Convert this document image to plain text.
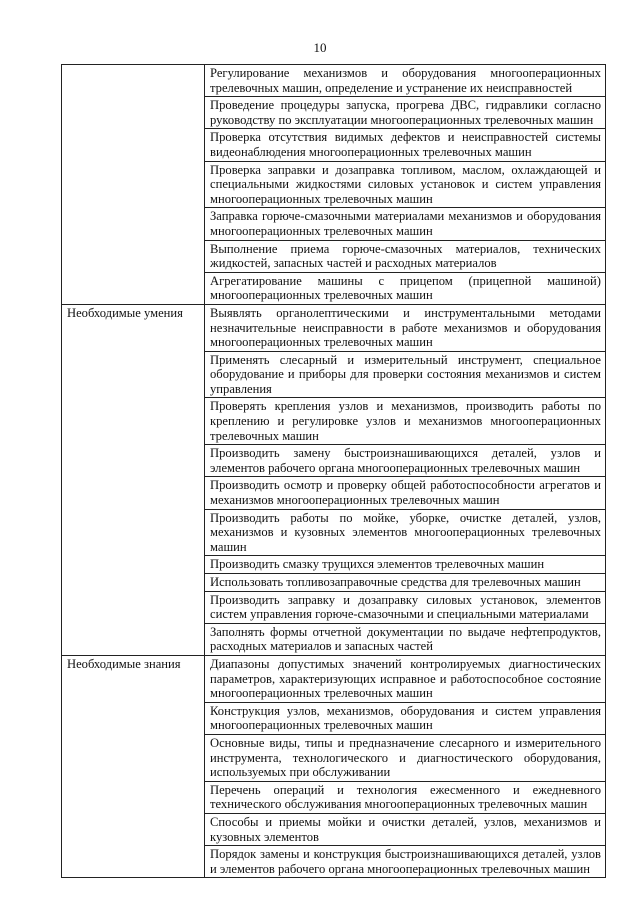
10
	Регулирование механизмов и оборудования многооперационных трелевочных машин, определение и устранение их неисправностей
	Проведение процедуры запуска, прогрева ДВС, гидравлики согласно руководству по эксплуатации многооперационных трелевочных машин
	Проверка отсутствия видимых дефектов и неисправностей системы видеонаблюдения многооперационных трелевочных машин
	Проверка заправки и дозаправка топливом, маслом, охлаждающей и специальными жидкостями силовых установок и систем управления многооперационных трелевочных машин
	Заправка горюче-смазочными материалами механизмов и оборудования многооперационных трелевочных машин
	Выполнение приема горюче-смазочных материалов, технических жидкостей, запасных частей и расходных материалов
	Агрегатирование машины с прицепом (прицепной машиной) многооперационных трелевочных машин
Необходимые умения	Выявлять органолептическими и инструментальными методами незначительные неисправности в работе механизмов и оборудования многооперационных трелевочных машин
	Применять слесарный и измерительный инструмент, специальное оборудование и приборы для проверки состояния механизмов и систем управления
	Проверять крепления узлов и механизмов, производить работы по креплению и регулировке узлов и механизмов многооперационных трелевочных машин
	Производить замену быстроизнашивающихся деталей, узлов и элементов рабочего органа многооперационных трелевочных машин
	Производить осмотр и проверку общей работоспособности агрегатов и механизмов многооперационных трелевочных машин
	Производить работы по мойке, уборке, очистке деталей, узлов, механизмов и кузовных элементов многооперационных трелевочных машин
	Производить смазку трущихся элементов трелевочных машин
	Использовать топливозаправочные средства для трелевочных машин
	Производить заправку и дозаправку силовых установок, элементов систем управления горюче-смазочными и специальными материалами
	Заполнять формы отчетной документации по выдаче нефтепродуктов, расходных материалов и запасных частей
Необходимые знания	Диапазоны допустимых значений контролируемых диагностических параметров, характеризующих исправное и работоспособное состояние многооперационных трелевочных машин
	Конструкция узлов, механизмов, оборудования и систем управления многооперационных трелевочных машин
	Основные виды, типы и предназначение слесарного и измерительного инструмента, технологического и диагностического оборудования, используемых при обслуживании
	Перечень операций и технология ежесменного и ежедневного технического обслуживания многооперационных трелевочных машин
	Способы и приемы мойки и очистки деталей, узлов, механизмов и кузовных элементов
	Порядок замены и конструкция быстроизнашивающихся деталей, узлов и элементов рабочего органа многооперационных трелевочных машин
